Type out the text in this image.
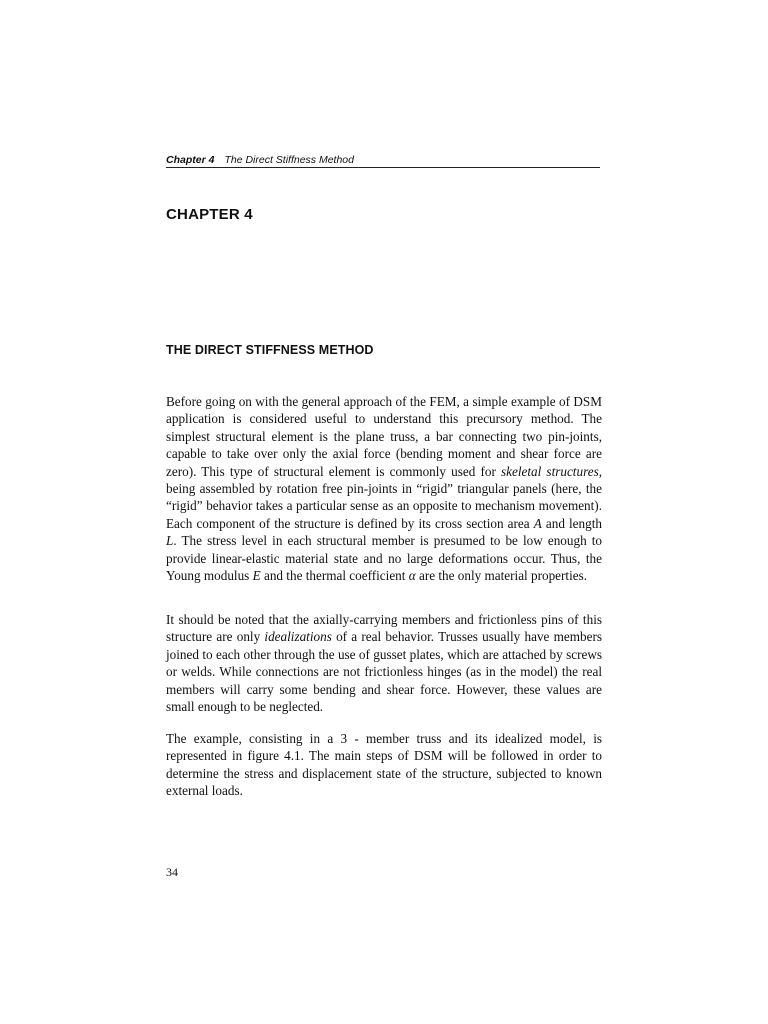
Chapter 4 The Direct Stiffness Method
CHAPTER 4
THE DIRECT STIFFNESS METHOD

Before going on with the general approach of the FEM, a simple example of DSM application is considered useful to understand this precursory method. The simplest structural element is the plane truss, a bar connecting two pin-joints, capable to take over only the axial force (bending moment and shear force are zero). This type of structural element is commonly used for skeletal structures, being assembled by rotation free pin-joints in “rigid” triangular panels (here, the “rigid” behavior takes a particular sense as an opposite to mechanism movement). Each component of the structure is defined by its cross section area A and length L. The stress level in each structural member is presumed to be low enough to provide linear-elastic material state and no large deformations occur. Thus, the Young modulus E and the thermal coefficient α are the only material properties.

It should be noted that the axially-carrying members and frictionless pins of this structure are only idealizations of a real behavior. Trusses usually have members joined to each other through the use of gusset plates, which are attached by screws or welds. While connections are not frictionless hinges (as in the model) the real members will carry some bending and shear force. However, these values are small enough to be neglected.

The example, consisting in a 3 - member truss and its idealized model, is represented in figure 4.1. The main steps of DSM will be followed in order to determine the stress and displacement state of the structure, subjected to known external loads.

34
